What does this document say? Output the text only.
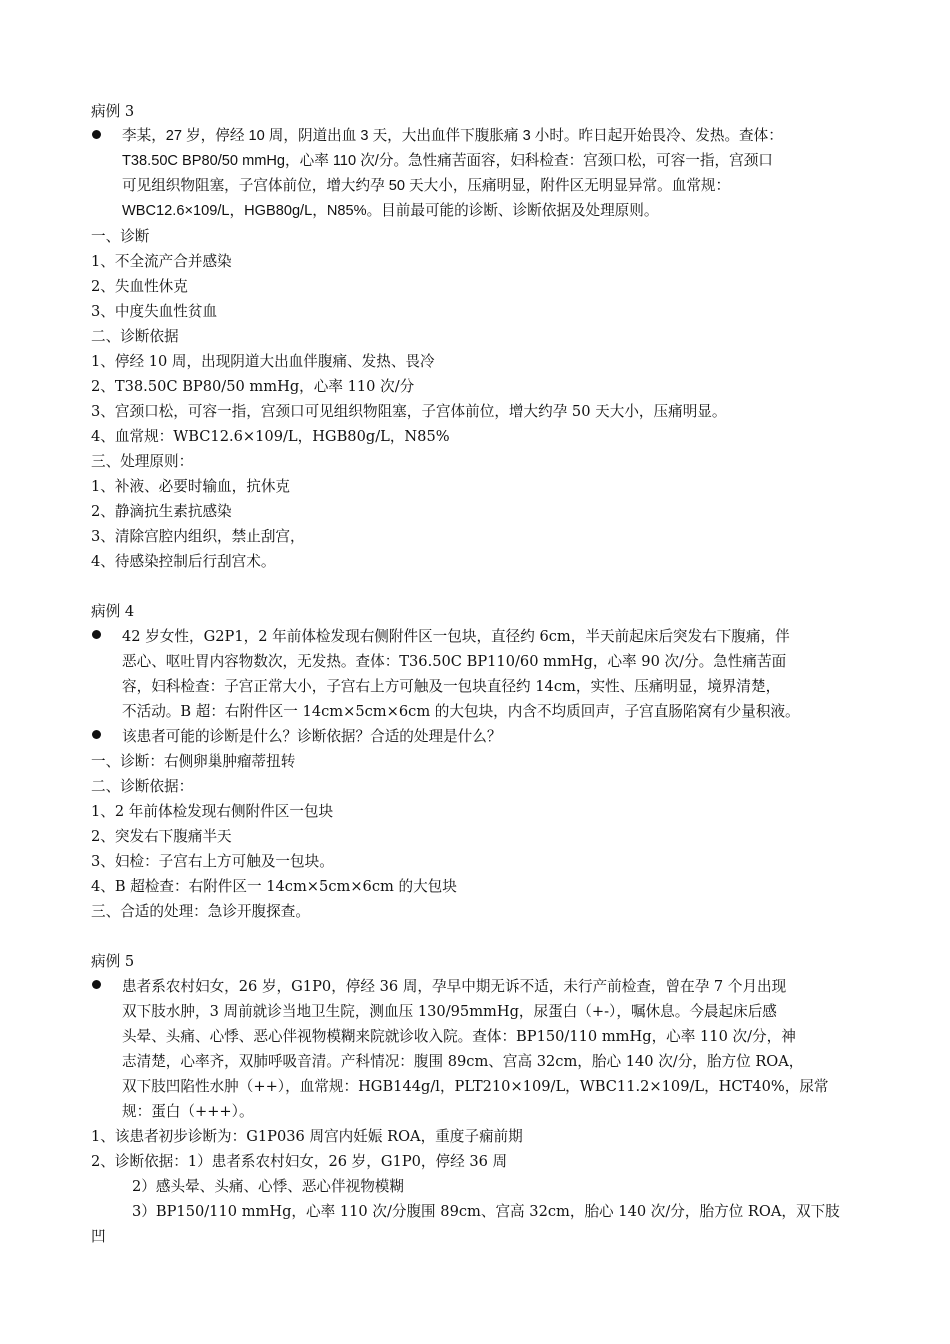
病例 3
李某，27 岁，停经 10 周，阴道出血 3 天，大出血伴下腹胀痛 3 小时。昨日起开始畏冷、发热。查体：
T38.50C BP80/50 mmHg，心率 110 次/分。急性痛苦面容，妇科检查：宫颈口松，可容一指，宫颈口
可见组织物阻塞，子宫体前位，增大约孕 50 天大小，压痛明显，附件区无明显异常。血常规：
WBC12.6×109/L，HGB80g/L，N85%。目前最可能的诊断、诊断依据及处理原则。
一、诊断
1、不全流产合并感染
2、失血性休克
3、中度失血性贫血
二、诊断依据
1、停经 10 周，出现阴道大出血伴腹痛、发热、畏冷
2、T38.50C BP80/50 mmHg，心率 110 次/分
3、宫颈口松，可容一指，宫颈口可见组织物阻塞，子宫体前位，增大约孕 50 天大小，压痛明显。
4、血常规：WBC12.6×109/L，HGB80g/L，N85%
三、处理原则：
1、补液、必要时输血，抗休克
2、静滴抗生素抗感染
3、清除宫腔内组织，禁止刮宫，
4、待感染控制后行刮宫术。
病例 4
42 岁女性，G2P1，2 年前体检发现右侧附件区一包块，直径约 6cm，半天前起床后突发右下腹痛，伴
恶心、呕吐胃内容物数次，无发热。查体：T36.50C BP110/60 mmHg，心率 90 次/分。急性痛苦面
容，妇科检查：子宫正常大小，子宫右上方可触及一包块直径约 14cm，实性、压痛明显，境界清楚，
不活动。B 超：右附件区一 14cm×5cm×6cm 的大包块，内含不均质回声，子宫直肠陷窝有少量积液。
该患者可能的诊断是什么？诊断依据？合适的处理是什么？
一、诊断：右侧卵巢肿瘤蒂扭转
二、诊断依据：
1、2 年前体检发现右侧附件区一包块
2、突发右下腹痛半天
3、妇检：子宫右上方可触及一包块。
4、B 超检查：右附件区一 14cm×5cm×6cm 的大包块
三、合适的处理：急诊开腹探查。
病例 5
患者系农村妇女，26 岁，G1P0，停经 36 周，孕早中期无诉不适，未行产前检查，曾在孕 7 个月出现
双下肢水肿，3 周前就诊当地卫生院，测血压 130/95mmHg，尿蛋白（+-），嘱休息。今晨起床后感
头晕、头痛、心悸、恶心伴视物模糊来院就诊收入院。查体：BP150/110 mmHg，心率 110 次/分，神
志清楚，心率齐，双肺呼吸音清。产科情况：腹围 89cm、宫高 32cm，胎心 140 次/分，胎方位 ROA，
双下肢凹陷性水肿（++），血常规：HGB144g/l，PLT210×109/L，WBC11.2×109/L，HCT40%，尿常
规：蛋白（+++）。
1、该患者初步诊断为：G1P036 周宫内妊娠 ROA，重度子痫前期
2、诊断依据：1）患者系农村妇女，26 岁，G1P0，停经 36 周
2）感头晕、头痛、心悸、恶心伴视物模糊
3）BP150/110 mmHg，心率 110 次/分腹围 89cm、宫高 32cm，胎心 140 次/分，胎方位 ROA，双下肢
凹
